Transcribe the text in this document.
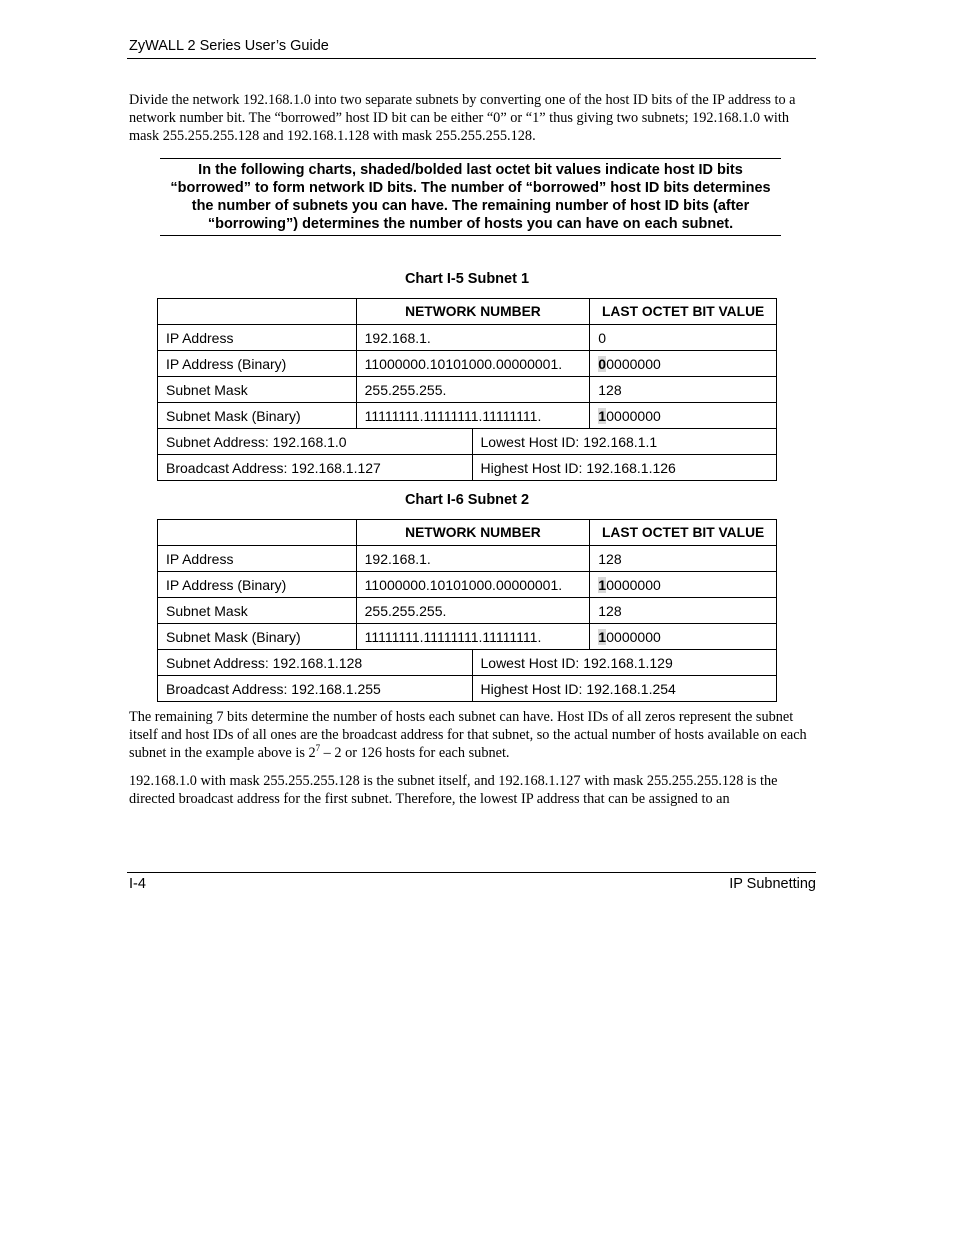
ZyWALL 2 Series User’s Guide
Divide the network 192.168.1.0 into two separate subnets by converting one of the host ID bits of the IP address to a network number bit. The “borrowed” host ID bit can be either “0” or “1” thus giving two subnets; 192.168.1.0 with mask 255.255.255.128 and 192.168.1.128 with mask 255.255.255.128.
In the following charts, shaded/bolded last octet bit values indicate host ID bits “borrowed” to form network ID bits. The number of “borrowed” host ID bits determines the number of subnets you can have. The remaining number of host ID bits (after “borrowing”) determines the number of hosts you can have on each subnet.
Chart I-5 Subnet 1
	NETWORK NUMBER		LAST OCTET BIT VALUE
IP Address	192.168.1.		0
IP Address (Binary)	11000000.10101000.00000001.		00000000
Subnet Mask	255.255.255.		128
Subnet Mask (Binary)	11111111.11111111.11111111.		10000000
Subnet Address: 192.168.1.0		Lowest Host ID: 192.168.1.1	
Broadcast Address: 192.168.1.127		Highest Host ID: 192.168.1.126	
Chart I-6 Subnet 2
	NETWORK NUMBER		LAST OCTET BIT VALUE
IP Address	192.168.1.		128
IP Address (Binary)	11000000.10101000.00000001.		10000000
Subnet Mask	255.255.255.		128
Subnet Mask (Binary)	11111111.11111111.11111111.		10000000
Subnet Address: 192.168.1.128		Lowest Host ID: 192.168.1.129	
Broadcast Address: 192.168.1.255		Highest Host ID: 192.168.1.254	
The remaining 7 bits determine the number of hosts each subnet can have. Host IDs of all zeros represent the subnet itself and host IDs of all ones are the broadcast address for that subnet, so the actual number of hosts available on each subnet in the example above is $2^7 - 2$ or 126 hosts for each subnet.
192.168.1.0 with mask 255.255.255.128 is the subnet itself, and 192.168.1.127 with mask 255.255.255.128 is the directed broadcast address for the first subnet. Therefore, the lowest IP address that can be assigned to an
I-4	IP Subnetting
